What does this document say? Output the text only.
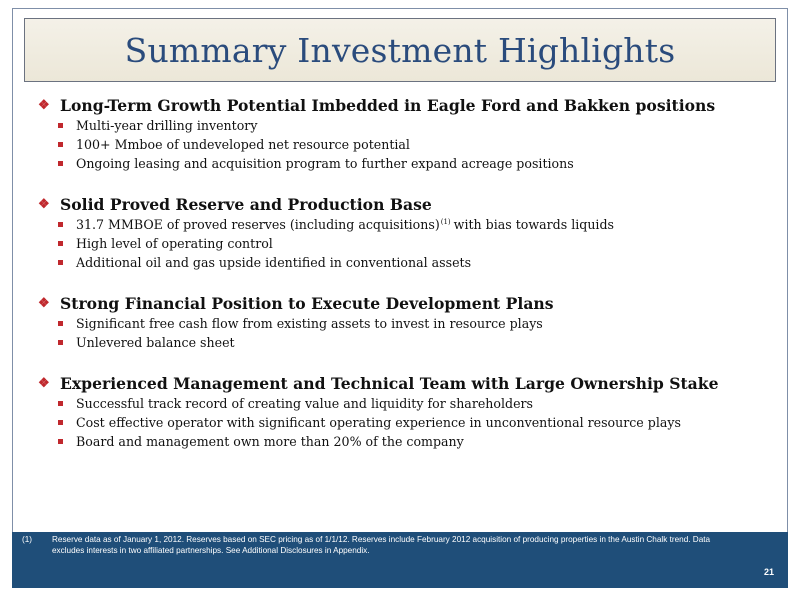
Summary Investment Highlights
❖ Long-Term Growth Potential Imbedded in Eagle Ford and Bakken positions
Multi-year drilling inventory
100+ Mmboe of undeveloped net resource potential
Ongoing leasing and acquisition program to further expand acreage positions
❖ Solid Proved Reserve and Production Base
31.7 MMBOE of proved reserves (including acquisitions)$^{(1)}$ with bias towards liquids
High level of operating control
Additional oil and gas upside identified in conventional assets
❖ Strong Financial Position to Execute Development Plans
Significant free cash flow from existing assets to invest in resource plays
Unlevered balance sheet
❖ Experienced Management and Technical Team with Large Ownership Stake
Successful track record of creating value and liquidity for shareholders
Cost effective operator with significant operating experience in unconventional resource plays
Board and management own more than 20% of the company
(1)	Reserve data as of January 1, 2012. Reserves based on SEC pricing as of 1/1/12. Reserves include February 2012 acquisition of producing properties in the Austin Chalk trend. Data excludes interests in two affiliated partnerships. See Additional Disclosures in Appendix.
21
